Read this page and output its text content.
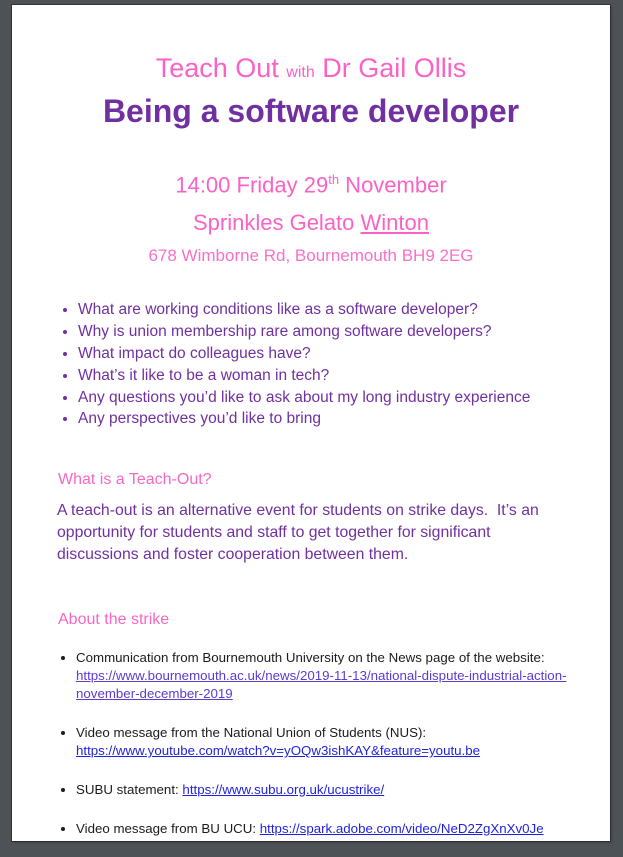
Teach Out with Dr Gail Ollis
Being a software developer
14:00 Friday 29th November
Sprinkles Gelato Winton
678 Wimborne Rd, Bournemouth BH9 2EG
• What are working conditions like as a software developer?
• Why is union membership rare among software developers?
• What impact do colleagues have?
• What’s it like to be a woman in tech?
• Any questions you’d like to ask about my long industry experience
• Any perspectives you’d like to bring
What is a Teach-Out?
A teach-out is an alternative event for students on strike days.  It’s an opportunity for students and staff to get together for significant discussions and foster cooperation between them.
About the strike
• Communication from Bournemouth University on the News page of the website:
https://www.bournemouth.ac.uk/news/2019-11-13/national-dispute-industrial-action-november-december-2019
• Video message from the National Union of Students (NUS):
https://www.youtube.com/watch?v=yOQw3ishKAY&feature=youtu.be
• SUBU statement: https://www.subu.org.uk/ucustrike/
• Video message from BU UCU: https://spark.adobe.com/video/NeD2ZgXnXv0Je
